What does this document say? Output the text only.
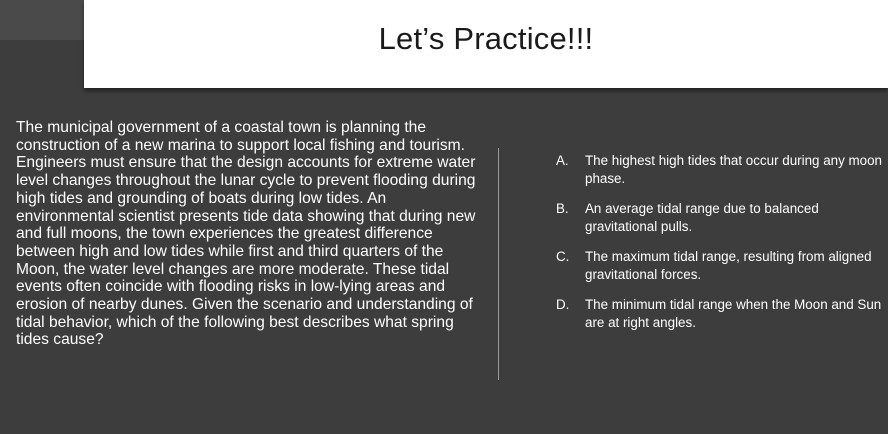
Let’s Practice!!!
The municipal government of a coastal town is planning the construction of a new marina to support local fishing and tourism. Engineers must ensure that the design accounts for extreme water level changes throughout the lunar cycle to prevent flooding during high tides and grounding of boats during low tides. An environmental scientist presents tide data showing that during new and full moons, the town experiences the greatest difference between high and low tides while first and third quarters of the Moon, the water level changes are more moderate. These tidal events often coincide with flooding risks in low-lying areas and erosion of nearby dunes. Given the scenario and understanding of tidal behavior, which of the following best describes what spring tides cause?
A.	The highest high tides that occur during any moon phase.
B.	An average tidal range due to balanced gravitational pulls.
C.	The maximum tidal range, resulting from aligned gravitational forces.
D.	The minimum tidal range when the Moon and Sun are at right angles.
